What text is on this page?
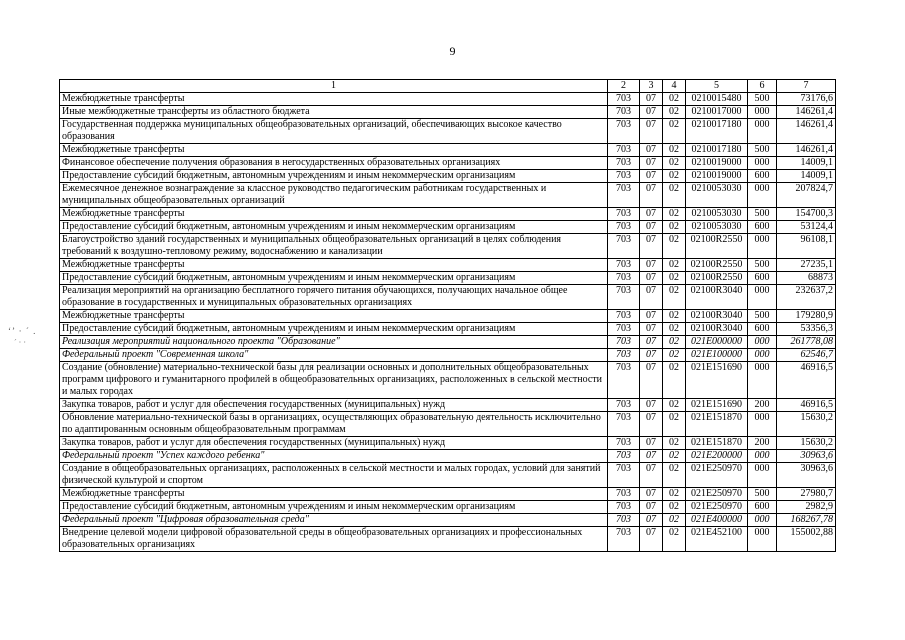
9
‘’ · ´ .
´ · ·
1	2	3	4	5	6	7
Межбюджетные трансферты	703	07	02	0210015480	500	73176,6
Иные межбюджетные трансферты из областного бюджета	703	07	02	0210017000	000	146261,4
Государственная поддержка муниципальных общеобразовательных организаций, обеспечивающих высокое качество образования	703	07	02	0210017180	000	146261,4
Межбюджетные трансферты	703	07	02	0210017180	500	146261,4
Финансовое обеспечение получения образования в негосударственных образовательных организациях	703	07	02	0210019000	000	14009,1
Предоставление субсидий бюджетным, автономным учреждениям и иным некоммерческим организациям	703	07	02	0210019000	600	14009,1
Ежемесячное денежное вознаграждение за классное руководство педагогическим работникам государственных и муниципальных общеобразовательных организаций	703	07	02	0210053030	000	207824,7
Межбюджетные трансферты	703	07	02	0210053030	500	154700,3
Предоставление субсидий бюджетным, автономным учреждениям и иным некоммерческим организациям	703	07	02	0210053030	600	53124,4
Благоустройство зданий государственных и муниципальных общеобразовательных организаций в целях соблюдения требований к воздушно-тепловому режиму, водоснабжению и канализации	703	07	02	02100R2550	000	96108,1
Межбюджетные трансферты	703	07	02	02100R2550	500	27235,1
Предоставление субсидий бюджетным, автономным учреждениям и иным некоммерческим организациям	703	07	02	02100R2550	600	68873
Реализация мероприятий на организацию бесплатного горячего питания обучающихся, получающих начальное общее образование в государственных и муниципальных образовательных организациях	703	07	02	02100R3040	000	232637,2
Межбюджетные трансферты	703	07	02	02100R3040	500	179280,9
Предоставление субсидий бюджетным, автономным учреждениям и иным некоммерческим организациям	703	07	02	02100R3040	600	53356,3
Реализация мероприятий национального проекта "Образование"	703	07	02	021E000000	000	261778,08
Федеральный проект "Современная школа"	703	07	02	021E100000	000	62546,7
Создание (обновление) материально-технической базы для реализации основных и дополнительных общеобразовательных программ цифрового и гуманитарного профилей в общеобразовательных организациях, расположенных в сельской местности и малых городах	703	07	02	021E151690	000	46916,5
Закупка товаров, работ и услуг для обеспечения государственных (муниципальных) нужд	703	07	02	021E151690	200	46916,5
Обновление материально-технической базы в организациях, осуществляющих образовательную деятельность исключительно по адаптированным основным общеобразовательным программам	703	07	02	021E151870	000	15630,2
Закупка товаров, работ и услуг для обеспечения государственных (муниципальных) нужд	703	07	02	021E151870	200	15630,2
Федеральный проект "Успех каждого ребенка"	703	07	02	021E200000	000	30963,6
Создание в общеобразовательных организациях, расположенных в сельской местности и малых городах, условий для занятий физической культурой и спортом	703	07	02	021E250970	000	30963,6
Межбюджетные трансферты	703	07	02	021E250970	500	27980,7
Предоставление субсидий бюджетным, автономным учреждениям и иным некоммерческим организациям	703	07	02	021E250970	600	2982,9
Федеральный проект "Цифровая образовательная среда"	703	07	02	021E400000	000	168267,78
Внедрение целевой модели цифровой образовательной среды в общеобразовательных организациях и профессиональных образовательных организациях	703	07	02	021E452100	000	155002,88
